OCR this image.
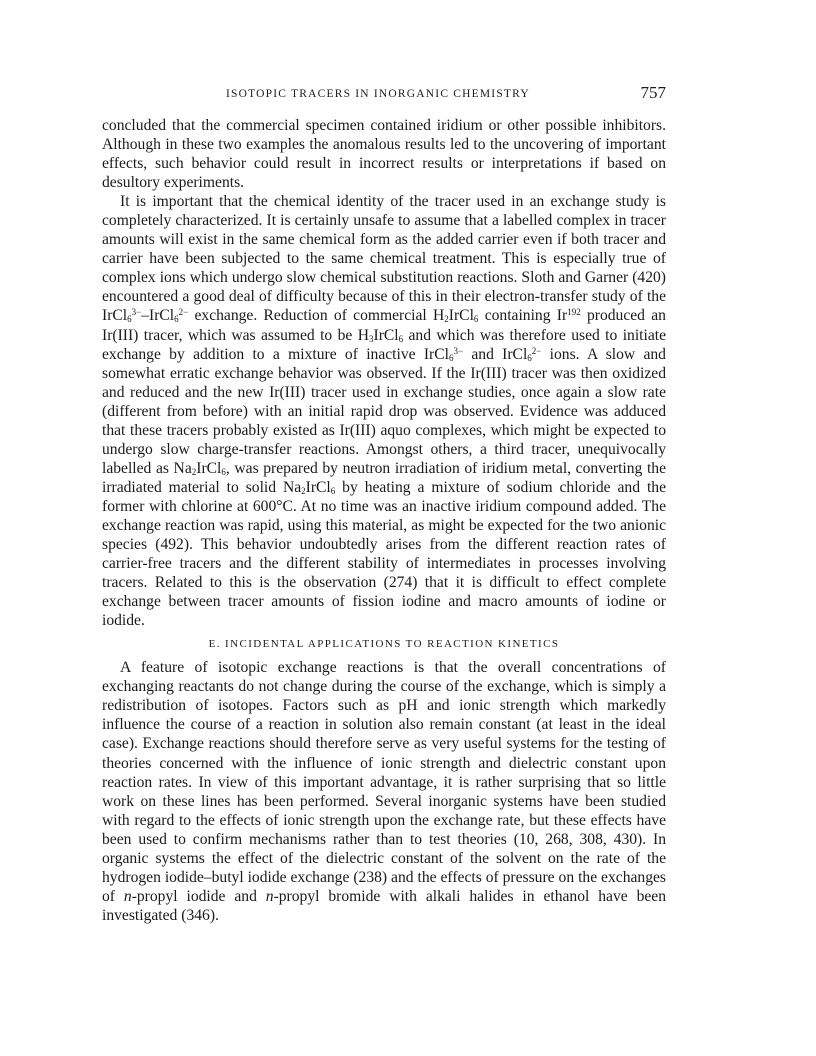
ISOTOPIC TRACERS IN INORGANIC CHEMISTRY	757

concluded that the commercial specimen contained iridium or other possible inhibitors. Although in these two examples the anomalous results led to the uncovering of important effects, such behavior could result in incorrect results or interpretations if based on desultory experiments.

It is important that the chemical identity of the tracer used in an exchange study is completely characterized. It is certainly unsafe to assume that a labelled complex in tracer amounts will exist in the same chemical form as the added carrier even if both tracer and carrier have been subjected to the same chemical treatment. This is especially true of complex ions which undergo slow chemical substitution reactions. Sloth and Garner (420) encountered a good deal of difficulty because of this in their electron-transfer study of the IrCl$_6^{3-}$–IrCl$_6^{2-}$ exchange. Reduction of commercial $H_2IrCl_6$ containing Ir$^{192}$ produced an Ir(III) tracer, which was assumed to be $H_3IrCl_6$ and which was therefore used to initiate exchange by addition to a mixture of inactive IrCl$_6^{3-}$ and IrCl$_6^{2-}$ ions. A slow and somewhat erratic exchange behavior was observed. If the Ir(III) tracer was then oxidized and reduced and the new Ir(III) tracer used in exchange studies, once again a slow rate (different from before) with an initial rapid drop was observed. Evidence was adduced that these tracers probably existed as Ir(III) aquo complexes, which might be expected to undergo slow charge-transfer reactions. Amongst others, a third tracer, unequivocally labelled as $Na_2IrCl_6$, was prepared by neutron irradiation of iridium metal, converting the irradiated material to solid $Na_2IrCl_6$ by heating a mixture of sodium chloride and the former with chlorine at 600°C. At no time was an inactive iridium compound added. The exchange reaction was rapid, using this material, as might be expected for the two anionic species (492). This behavior undoubtedly arises from the different reaction rates of carrier-free tracers and the different stability of intermediates in processes involving tracers. Related to this is the observation (274) that it is difficult to effect complete exchange between tracer amounts of fission iodine and macro amounts of iodine or iodide.

E. INCIDENTAL APPLICATIONS TO REACTION KINETICS

A feature of isotopic exchange reactions is that the overall concentrations of exchanging reactants do not change during the course of the exchange, which is simply a redistribution of isotopes. Factors such as pH and ionic strength which markedly influence the course of a reaction in solution also remain constant (at least in the ideal case). Exchange reactions should therefore serve as very useful systems for the testing of theories concerned with the influence of ionic strength and dielectric constant upon reaction rates. In view of this important advantage, it is rather surprising that so little work on these lines has been performed. Several inorganic systems have been studied with regard to the effects of ionic strength upon the exchange rate, but these effects have been used to confirm mechanisms rather than to test theories (10, 268, 308, 430). In organic systems the effect of the dielectric constant of the solvent on the rate of the hydrogen iodide–butyl iodide exchange (238) and the effects of pressure on the exchanges of n-propyl iodide and n-propyl bromide with alkali halides in ethanol have been investigated (346).
